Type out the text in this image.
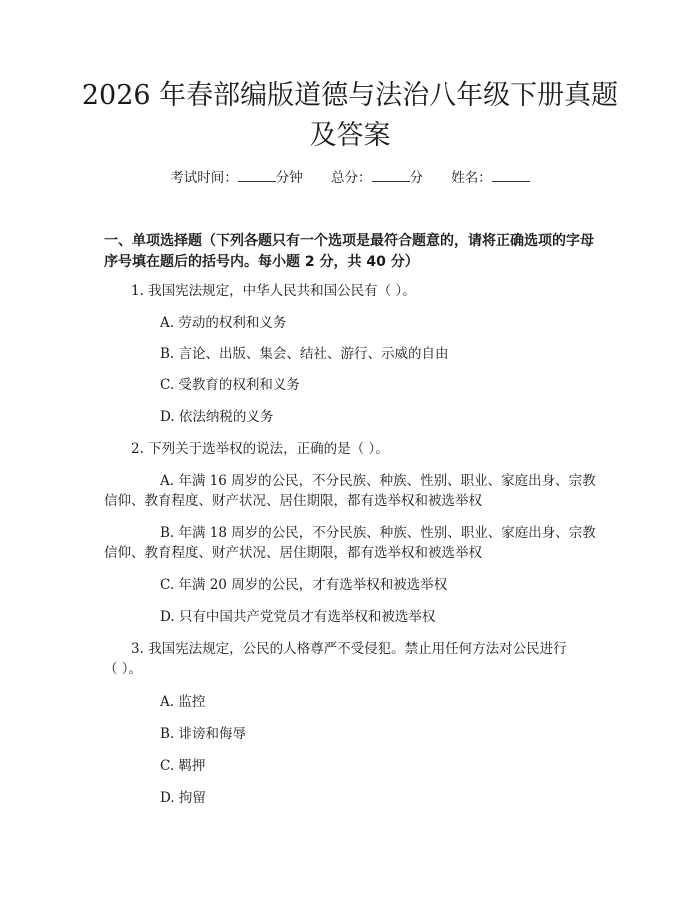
2026 年春部编版道德与法治八年级下册真题
及答案
考试时间：	分钟 总分：	分 姓名：
一、单项选择题（下列各题只有一个选项是最符合题意的，请将正确选项的字母
序号填在题后的括号内。每小题 2 分，共 40 分）
1. 我国宪法规定，中华人民共和国公民有（ ）。
A. 劳动的权利和义务
B. 言论、出版、集会、结社、游行、示威的自由
C. 受教育的权利和义务
D. 依法纳税的义务
2. 下列关于选举权的说法，正确的是（ ）。
A. 年满 16 周岁的公民，不分民族、种族、性别、职业、家庭出身、宗教
信仰、教育程度、财产状况、居住期限，都有选举权和被选举权
B. 年满 18 周岁的公民，不分民族、种族、性别、职业、家庭出身、宗教
信仰、教育程度、财产状况、居住期限，都有选举权和被选举权
C. 年满 20 周岁的公民，才有选举权和被选举权
D. 只有中国共产党党员才有选举权和被选举权
3. 我国宪法规定，公民的人格尊严不受侵犯。禁止用任何方法对公民进行
（ ）。
A. 监控
B. 诽谤和侮辱
C. 羁押
D. 拘留
